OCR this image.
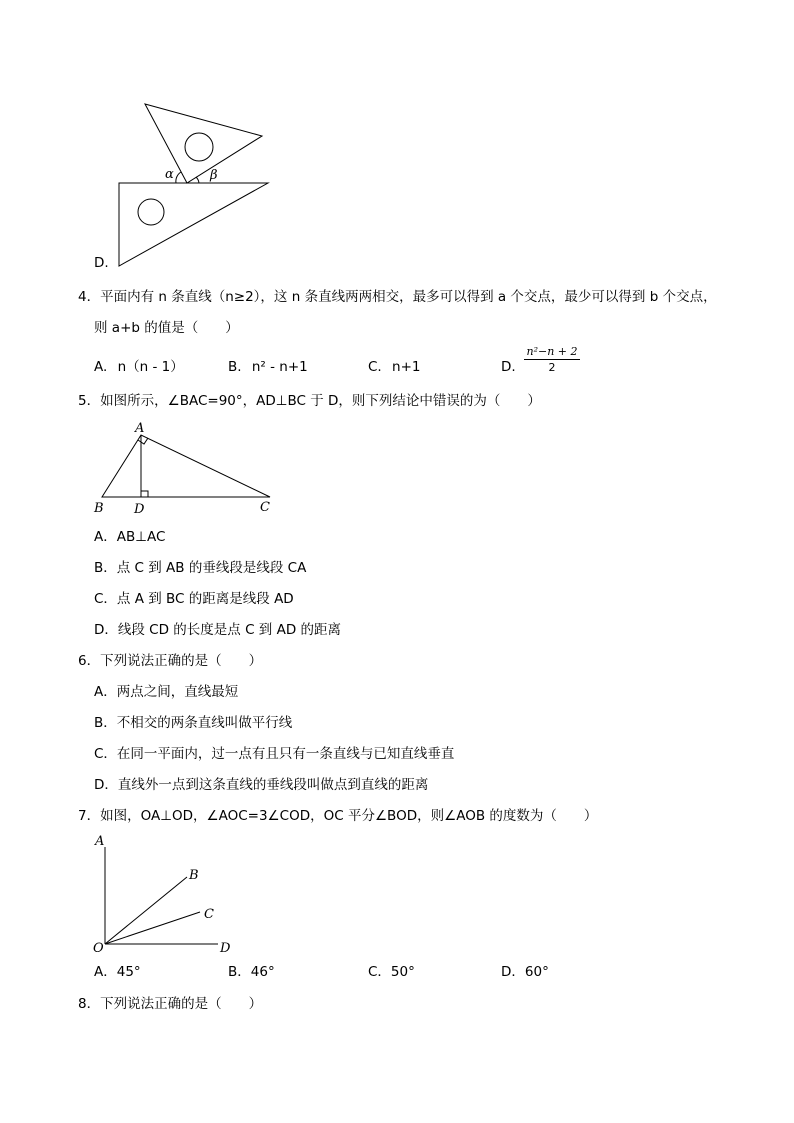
α	β
D.
4．平面内有 n 条直线（n≥2），这 n 条直线两两相交，最多可以得到 a 个交点，最少可以得到 b 个交点，
则 a+b 的值是（　　）
A. n（n - 1）	B. n² - n+1	C. n+1	D. $\frac{\text{n²−n + 2}}{2}$
5．如图所示，∠BAC=90°，AD⊥BC 于 D，则下列结论中错误的为（　　）
A
B D	C
A．AB⊥AC
B．点 C 到 AB 的垂线段是线段 CA
C．点 A 到 BC 的距离是线段 AD
D．线段 CD 的长度是点 C 到 AD 的距离
6．下列说法正确的是（　　）
A．两点之间，直线最短
B．不相交的两条直线叫做平行线
C．在同一平面内，过一点有且只有一条直线与已知直线垂直
D．直线外一点到这条直线的垂线段叫做点到直线的距离
7．如图，OA⊥OD，∠AOC=3∠COD，OC 平分∠BOD，则∠AOB 的度数为（　　）
A
B
C
O	D
A．45°	B．46°	C．50°	D．60°
8．下列说法正确的是（　　）
